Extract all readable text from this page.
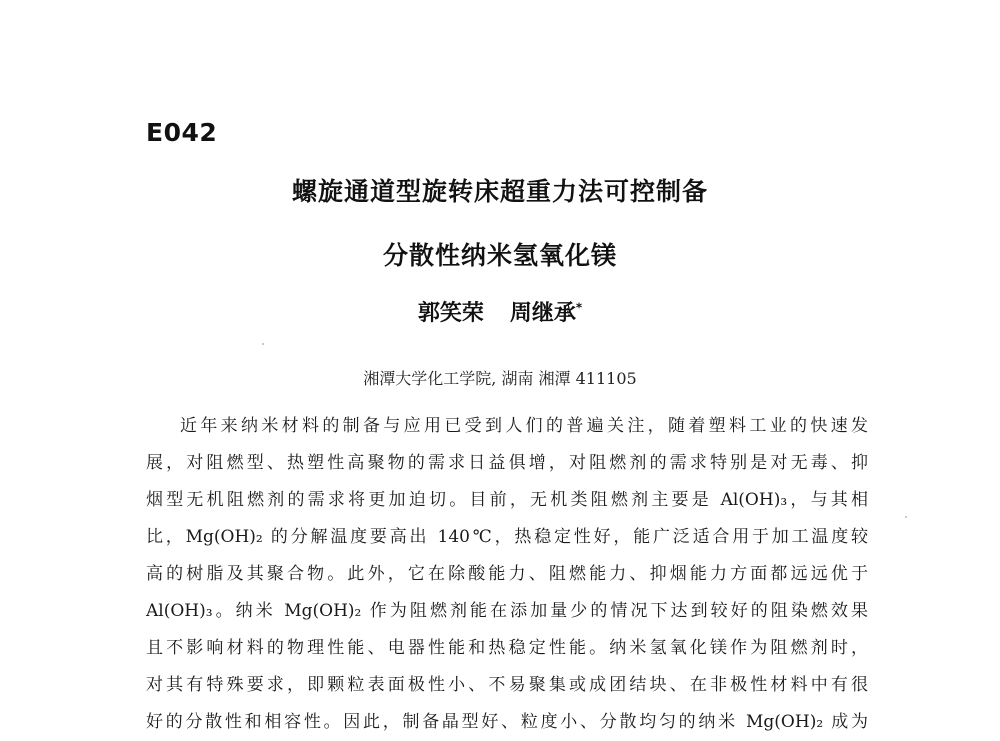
E042
螺旋通道型旋转床超重力法可控制备
分散性纳米氢氧化镁
郭笑荣 周继承*
湘潭大学化工学院, 湖南 湘潭 411105
近年来纳米材料的制备与应用已受到人们的普遍关注，随着塑料工业的快速发
展，对阻燃型、热塑性高聚物的需求日益俱增，对阻燃剂的需求特别是对无毒、抑
烟型无机阻燃剂的需求将更加迫切。目前，无机类阻燃剂主要是 Al(OH)₃，与其相
比，Mg(OH)₂ 的分解温度要高出 140℃，热稳定性好，能广泛适合用于加工温度较
高的树脂及其聚合物。此外，它在除酸能力、阻燃能力、抑烟能力方面都远远优于
Al(OH)₃。纳米 Mg(OH)₂ 作为阻燃剂能在添加量少的情况下达到较好的阻染燃效果
且不影响材料的物理性能、电器性能和热稳定性能。纳米氢氧化镁作为阻燃剂时，
对其有特殊要求，即颗粒表面极性小、不易聚集或成团结块、在非极性材料中有很
好的分散性和相容性。因此，制备晶型好、粒度小、分散均匀的纳米 Mg(OH)₂ 成为
